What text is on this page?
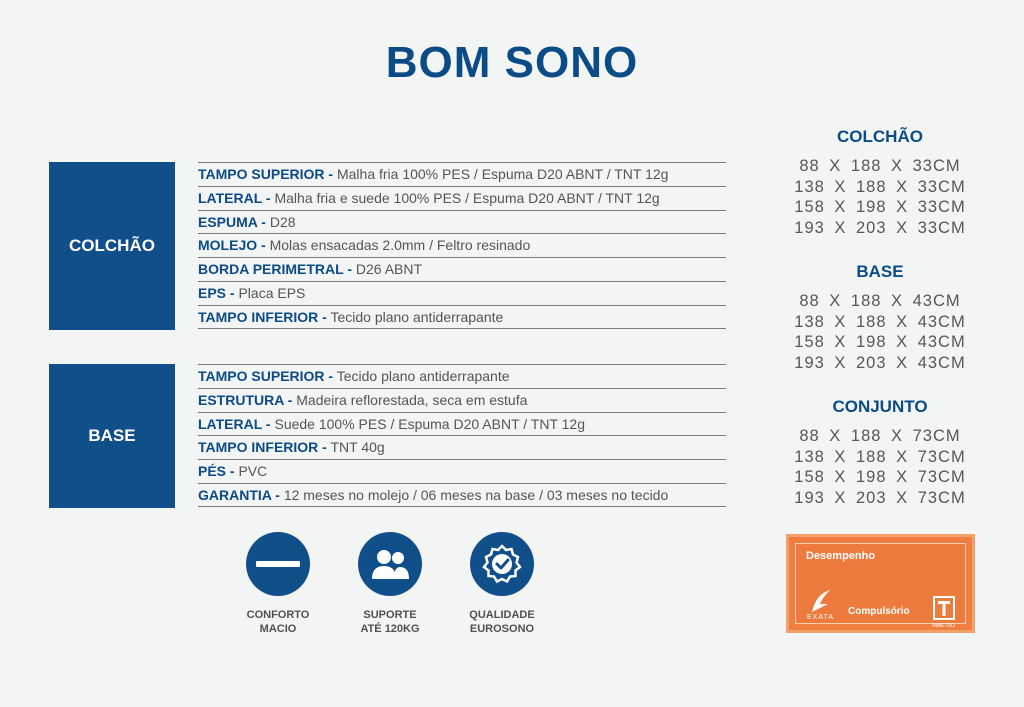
BOM SONO
COLCHÃO
TAMPO SUPERIOR - Malha fria 100% PES / Espuma D20 ABNT / TNT 12g
LATERAL - Malha fria e suede 100% PES / Espuma D20 ABNT / TNT 12g
ESPUMA - D28
MOLEJO - Molas ensacadas 2.0mm / Feltro resinado
BORDA PERIMETRAL - D26 ABNT
EPS - Placa EPS
TAMPO INFERIOR - Tecido plano antiderrapante
BASE
TAMPO SUPERIOR - Tecido plano antiderrapante
ESTRUTURA - Madeira reflorestada, seca em estufa
LATERAL - Suede 100% PES / Espuma D20 ABNT / TNT 12g
TAMPO INFERIOR - TNT 40g
PÉS - PVC
GARANTIA - 12 meses no molejo / 06 meses na base / 03 meses no tecido
COLCHÃO
88 X 188 X 33CM
138 X 188 X 33CM
158 X 198 X 33CM
193 X 203 X 33CM
BASE
88 X 188 X 43CM
138 X 188 X 43CM
158 X 198 X 43CM
193 X 203 X 43CM
CONJUNTO
88 X 188 X 73CM
138 X 188 X 73CM
158 X 198 X 73CM
193 X 203 X 73CM
CONFORTO
MACIO
SUPORTE
ATÉ 120KG
QUALIDADE
EUROSONO
Desempenho
EXATA
Compulsório
INMETRO
